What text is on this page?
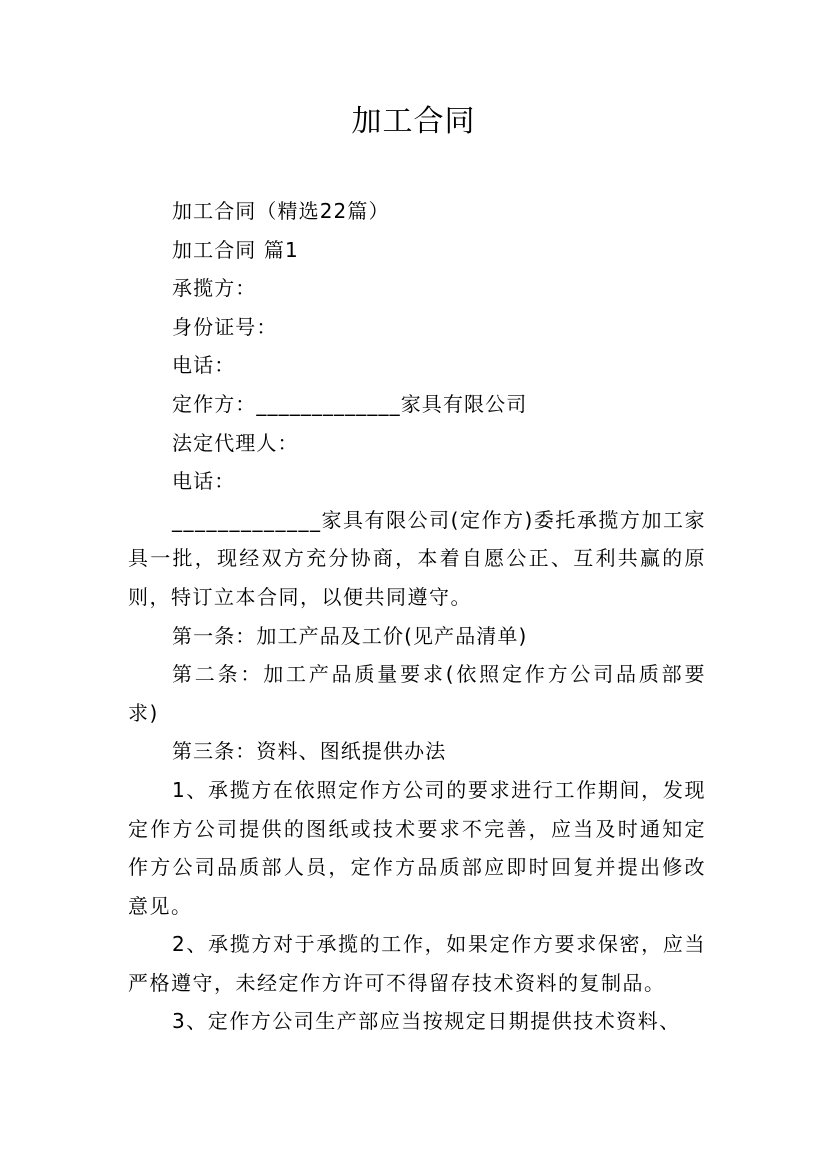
加工合同
加工合同（精选22篇）
加工合同 篇1
承揽方：
身份证号：
电话：
定作方：_____________家具有限公司
法定代理人：
电话：
_____________家具有限公司(定作方)委托承揽方加工家具一批，现经双方充分协商，本着自愿公正、互利共赢的原则，特订立本合同，以便共同遵守。
第一条：加工产品及工价(见产品清单)
第二条：加工产品质量要求(依照定作方公司品质部要求)
第三条：资料、图纸提供办法
1、承揽方在依照定作方公司的要求进行工作期间，发现定作方公司提供的图纸或技术要求不完善，应当及时通知定作方公司品质部人员，定作方品质部应即时回复并提出修改意见。
2、承揽方对于承揽的工作，如果定作方要求保密，应当严格遵守，未经定作方许可不得留存技术资料的复制品。
3、定作方公司生产部应当按规定日期提供技术资料、
